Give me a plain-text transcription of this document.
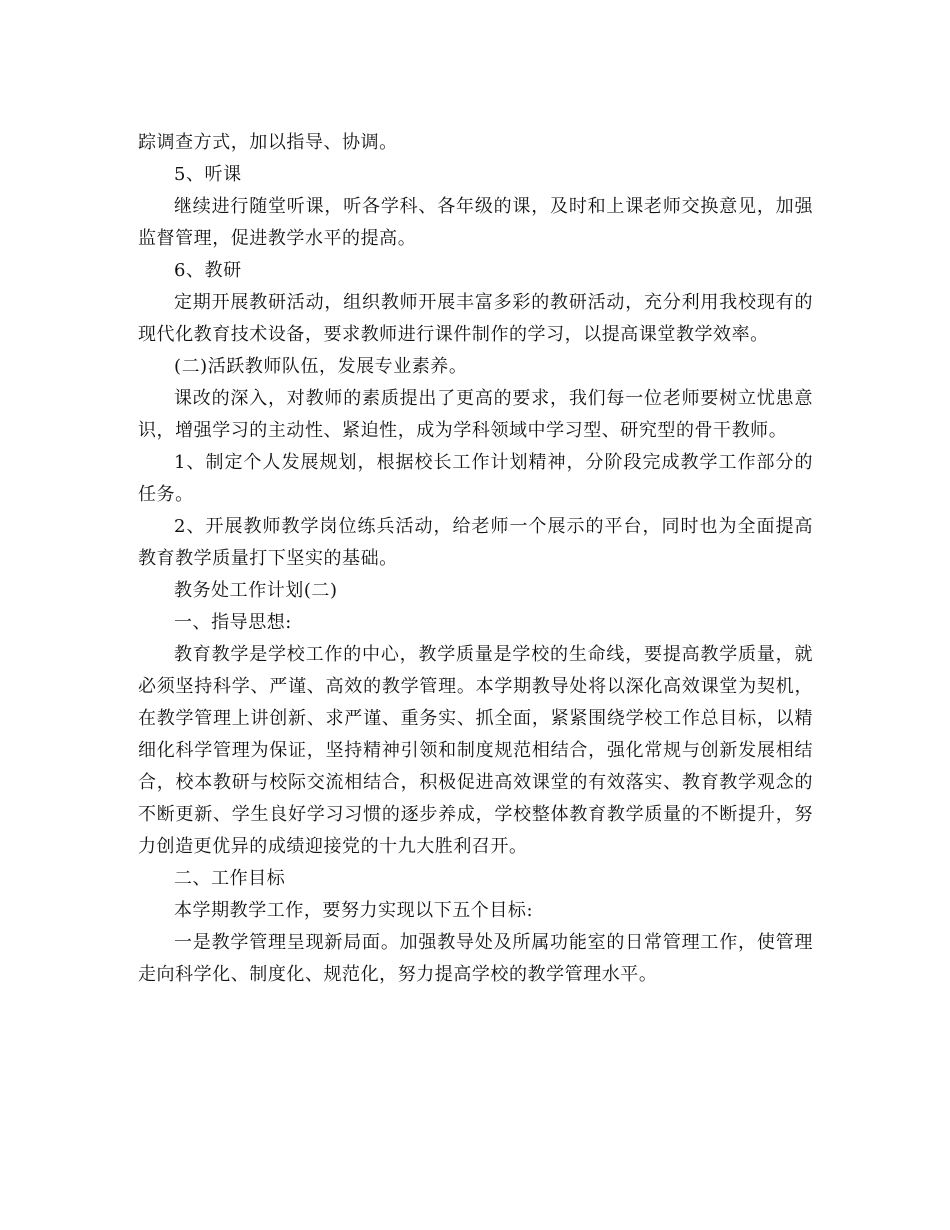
踪调查方式，加以指导、协调。

5、听课

继续进行随堂听课，听各学科、各年级的课，及时和上课老师交换意见，加强监督管理，促进教学水平的提高。

6、教研

定期开展教研活动，组织教师开展丰富多彩的教研活动，充分利用我校现有的现代化教育技术设备，要求教师进行课件制作的学习，以提高课堂教学效率。

(二)活跃教师队伍，发展专业素养。

课改的深入，对教师的素质提出了更高的要求，我们每一位老师要树立忧患意识，增强学习的主动性、紧迫性，成为学科领域中学习型、研究型的骨干教师。

1、制定个人发展规划，根据校长工作计划精神，分阶段完成教学工作部分的任务。

2、开展教师教学岗位练兵活动，给老师一个展示的平台，同时也为全面提高教育教学质量打下坚实的基础。

教务处工作计划(二)

一、指导思想:

教育教学是学校工作的中心，教学质量是学校的生命线，要提高教学质量，就必须坚持科学、严谨、高效的教学管理。本学期教导处将以深化高效课堂为契机，在教学管理上讲创新、求严谨、重务实、抓全面，紧紧围绕学校工作总目标，以精细化科学管理为保证，坚持精神引领和制度规范相结合，强化常规与创新发展相结合，校本教研与校际交流相结合，积极促进高效课堂的有效落实、教育教学观念的不断更新、学生良好学习习惯的逐步养成，学校整体教育教学质量的不断提升，努力创造更优异的成绩迎接党的十九大胜利召开。

二、工作目标

本学期教学工作，要努力实现以下五个目标:

一是教学管理呈现新局面。加强教导处及所属功能室的日常管理工作，使管理走向科学化、制度化、规范化，努力提高学校的教学管理水平。
